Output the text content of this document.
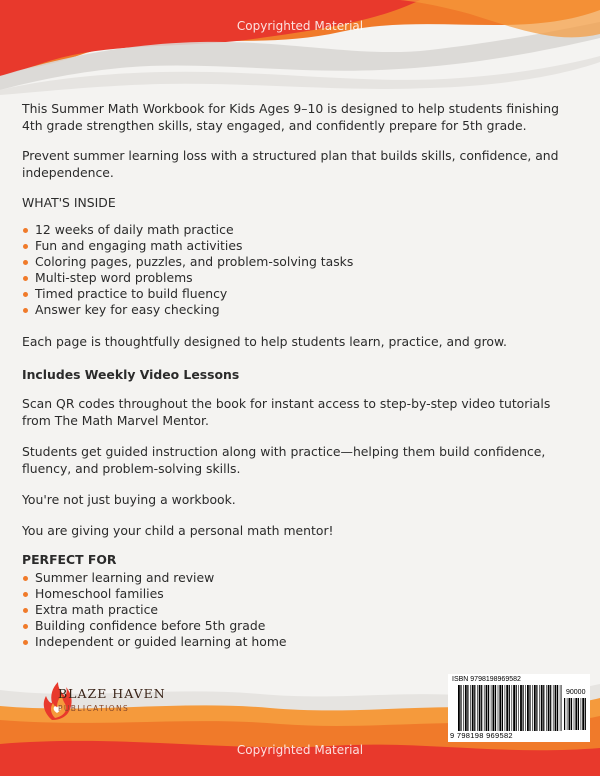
Copyrighted Material
This Summer Math Workbook for Kids Ages 9–10 is designed to help students finishing 4th grade strengthen skills, stay engaged, and confidently prepare for 5th grade.
Prevent summer learning loss with a structured plan that builds skills, confidence, and independence.
WHAT'S INSIDE
12 weeks of daily math practice
Fun and engaging math activities
Coloring pages, puzzles, and problem-solving tasks
Multi-step word problems
Timed practice to build fluency
Answer key for easy checking
Each page is thoughtfully designed to help students learn, practice, and grow.
Includes Weekly Video Lessons
Scan QR codes throughout the book for instant access to step-by-step video tutorials from The Math Marvel Mentor.
Students get guided instruction along with practice—helping them build confidence, fluency, and problem-solving skills.
You're not just buying a workbook.
You are giving your child a personal math mentor!
PERFECT FOR
Summer learning and review
Homeschool families
Extra math practice
Building confidence before 5th grade
Independent or guided learning at home
Copyrighted Material
BLAZE HAVEN
PUBLICATIONS
ISBN 9798198969582
90000
9 798198 969582
